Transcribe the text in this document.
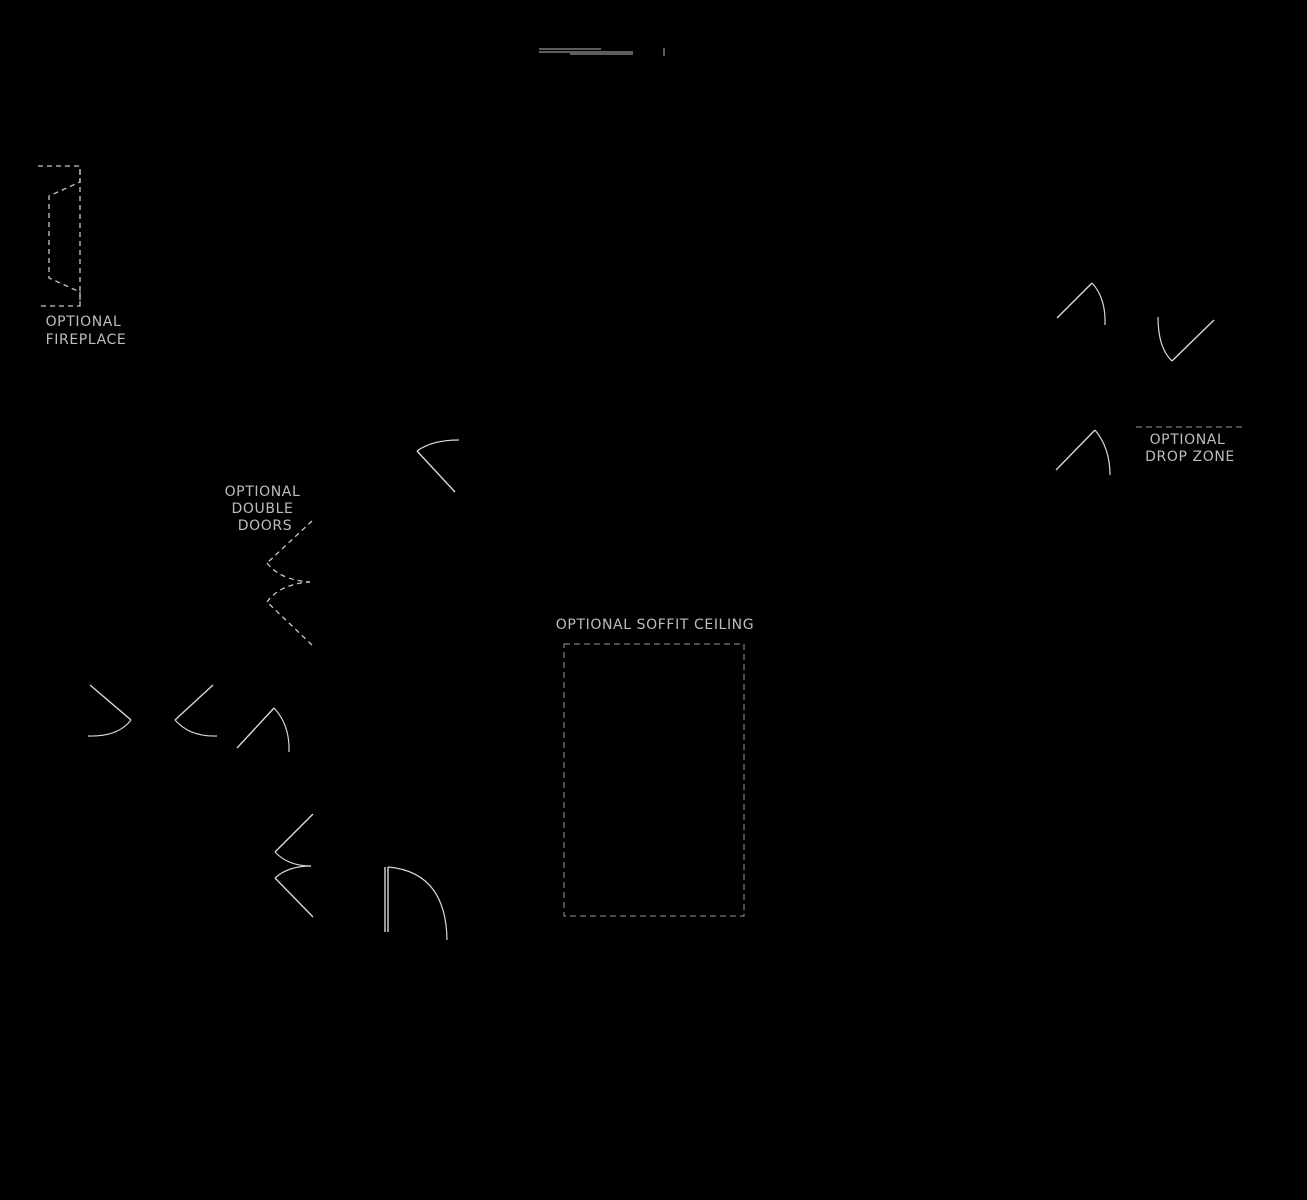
OPTIONAL FIREPLACE
OPTIONAL DROP ZONE
OPTIONAL DOUBLE DOORS
OPTIONAL SOFFIT CEILING
